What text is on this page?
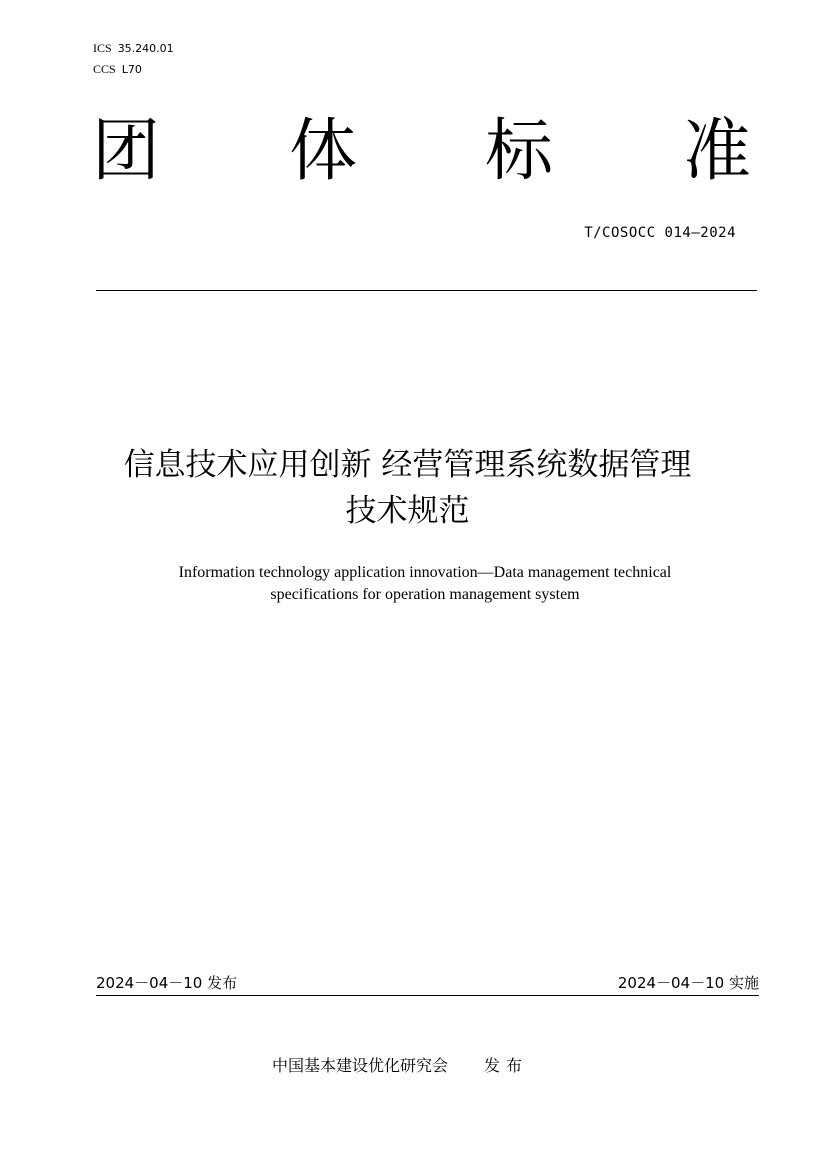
ICS 35.240.01
CCS L70
团 体 标 准
T/COSOCC 014—2024
信息技术应用创新 经营管理系统数据管理
技术规范
Information technology application innovation—Data management technical
specifications for operation management system
2024－04－10 发布	2024－04－10 实施
中国基本建设优化研究会 发布
